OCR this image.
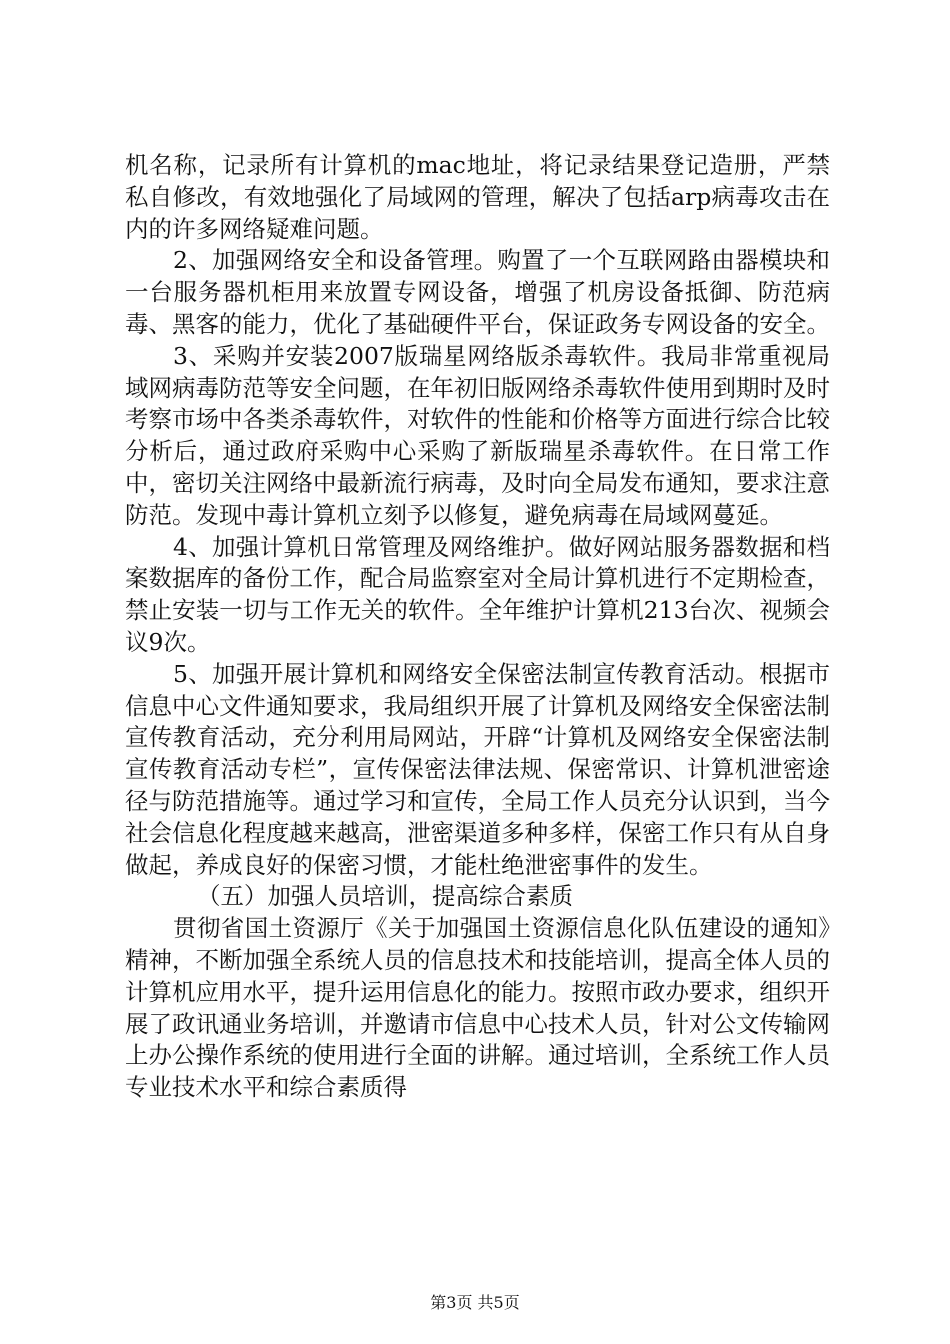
机名称，记录所有计算机的mac地址，将记录结果登记造册，严禁私自修改，有效地强化了局域网的管理，解决了包括arp病毒攻击在内的许多网络疑难问题。

2、加强网络安全和设备管理。购置了一个互联网路由器模块和一台服务器机柜用来放置专网设备，增强了机房设备抵御、防范病毒、黑客的能力，优化了基础硬件平台，保证政务专网设备的安全。

3、采购并安装2007版瑞星网络版杀毒软件。我局非常重视局域网病毒防范等安全问题，在年初旧版网络杀毒软件使用到期时及时考察市场中各类杀毒软件，对软件的性能和价格等方面进行综合比较分析后，通过政府采购中心采购了新版瑞星杀毒软件。在日常工作中，密切关注网络中最新流行病毒，及时向全局发布通知，要求注意防范。发现中毒计算机立刻予以修复，避免病毒在局域网蔓延。

4、加强计算机日常管理及网络维护。做好网站服务器数据和档案数据库的备份工作，配合局监察室对全局计算机进行不定期检查，禁止安装一切与工作无关的软件。全年维护计算机213台次、视频会议9次。

5、加强开展计算机和网络安全保密法制宣传教育活动。根据市信息中心文件通知要求，我局组织开展了计算机及网络安全保密法制宣传教育活动，充分利用局网站，开辟“计算机及网络安全保密法制宣传教育活动专栏”，宣传保密法律法规、保密常识、计算机泄密途径与防范措施等。通过学习和宣传，全局工作人员充分认识到，当今社会信息化程度越来越高，泄密渠道多种多样，保密工作只有从自身做起，养成良好的保密习惯，才能杜绝泄密事件的发生。

（五）加强人员培训，提高综合素质

贯彻省国土资源厅《关于加强国土资源信息化队伍建设的通知》精神，不断加强全系统人员的信息技术和技能培训，提高全体人员的计算机应用水平，提升运用信息化的能力。按照市政办要求，组织开展了政讯通业务培训，并邀请市信息中心技术人员，针对公文传输网上办公操作系统的使用进行全面的讲解。通过培训，全系统工作人员专业技术水平和综合素质得

第3页 共5页
